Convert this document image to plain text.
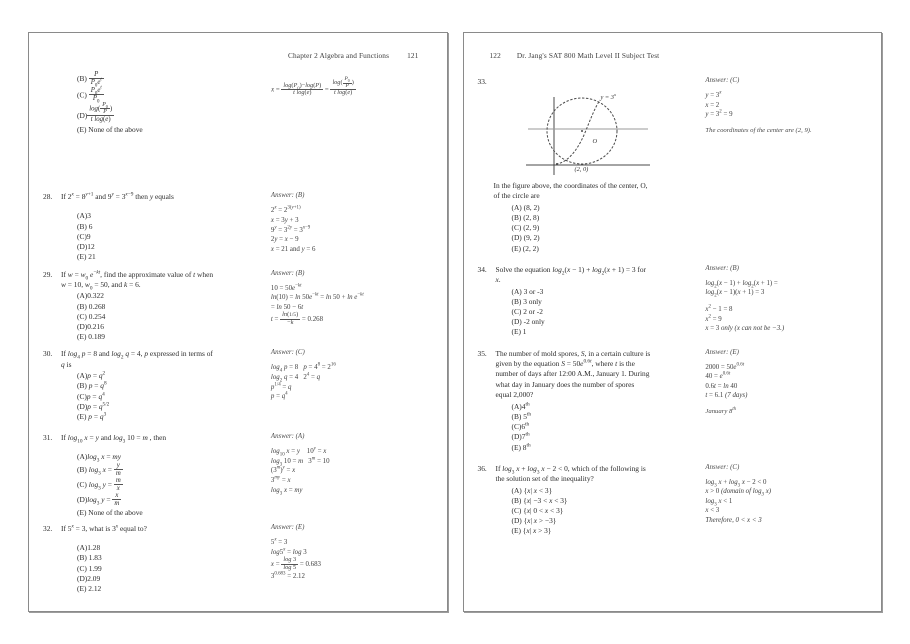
Chapter 2 Algebra and Functions 121
$(B) \frac{P}{P_0e^t}$
$(C) \frac{P_0e^t}{P_0}$
$(D) \frac{\log( \frac{P_0}{P} )}{\text{t log(e)}}$
(E) None of the above
$x = \frac{\log(P_0)-\log(P)}{\text{t log(e)}} = \frac{\log( \frac{P_0}{P} )}{\text{t log(e)}}$
28. If $2^x = 8^{y+1}$ and $9^y = 3^{x-9}$ then y equals
(A)3
(B) 6
(C)9
(D)12
(E) 21
Answer: (B)
$2^x = 2^{3(y+1)}$
x = 3y + 3
$9^y = 3^{2y} = 3^{x-9}$
2y = x − 9
x = 21 and y = 6
29. If $w = w_0$ $e^{-kt}$, find the approximate value of t when
w = 10, $w_0 = 50$, and k = 6.
(A)0.322
(B) 0.268
(C) 0.254
(D)0.216
(E) 0.189
Answer: (B)
$10 = 50e^{-kt}$
$\ln(10) = \ln 50e^{-kt} = \ln 50 + \ln e^{-kt}$
= ln 50 − 6t
$t = \frac{\ln(1/5)}{-k} = 0.268$
30. If $\log_4 p = 8$ and $\log_2 q = 4$, p expressed in terms of
q is
$(A)p = q^2$
(B) $p = q^8$
$(C)p = q^4$
$(D)p = q^{5/2}$
(E) $p = q^3$
Answer: (C)
$\log_4 p = 8$   $p = 4^8 = 2^{16}$
$\log_2 q = 4$   $2^4 = q$
$p^{1/4} = q$
$p = q^4$
31. If $\log_{10} x = y$ and $\log_3 10 = m$ , then
$(A)\log_3$ x = my
(B) $\log_3 x = \frac{y}{m}$
(C) $\log_3 y = \frac{m}{x}$
$(D)\log_3$ $y = \frac{x}{m}$
(E) None of the above
Answer: (A)
$\log_{10} x = y$    $10^y = x$
$\log_3 10 = m$   $3^m = 10$
$(3^m)^y = x$
$3^{my} = x$
$\log_3 x$ = my
32. If $5^x = 3$, what is 3$^x$ equal to?
(A)1.28
(B) 1.83
(C) 1.99
(D)2.09
(E) 2.12
Answer: (E)
$5^x = 3$
$\log 5^x = \log 3$
$x = \frac{\log 3}{\log 5} = 0.683$
$3^{0.683} = 2.12$
122 Dr. Jang's SAT 800 Math Level II Subject Test
33.
$y = 3^x$
O
(2, 0)
In the figure above, the coordinates of the center, O,
of the circle are
(A) (8, 2)
(B) (2, 8)
(C) (2, 9)
(D) (9, 2)
(E) (2, 2)
Answer: (C)
$y = 3^x$
x = 2
$y = 3^2 = 9$
The coordinates of the center are (2, 9).
34. Solve the equation $\log_2(x - 1) + \log_2(x + 1) = 3$ for
x.
(A) 3 or -3
(B) 3 only
(C) 2 or -2
(D) -2 only
(E) 1
Answer: (B)
$\log_2(x - 1) + \log_2(x + 1)$ =
$\log_2(x - 1)(x + 1) = 3$
$x^2 - 1 = 8$
$x^2 = 9$
x = 3 only (x can not be −3.)
35. The number of mold spores, S, in a certain culture is
given by the equation $S = 50e^{0.6t}$, where t is the
number of days after 12:00 A.M., January 1. During
what day in January does the number of spores
equal 2,000?
(A)4th
(B) 5th
(C)6th
(D)7th
(E) 8th
Answer: (E)
$2000 = 50e^{0.6t}$
$40 = e^{0.6t}$
0.6t = ln 40
t = 6.1 (7 days)
January 8th
36. If $\log_3 x + \log_3 x - 2 < 0$, which of the following is
the solution set of the inequality?
(A) {x| x < 3}
(B) {x| −3 < x < 3}
(C) {x| 0 < x < 3}
(D) {x| x > −3}
(E) {x| x > 3}
Answer: (C)
$\log_3 x + \log_3 x - 2 < 0$
x > 0 (domain of $\log_3 x$)
$\log_3 x < 1$
x < 3
Therefore, 0 < x < 3
